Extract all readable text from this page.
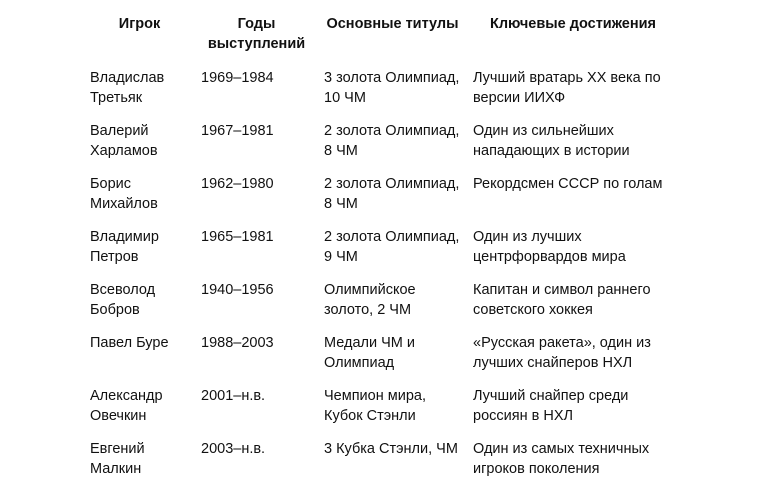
Игрок	Годы выступлений	Основные титулы	Ключевые достижения
Владислав Третьяк	1969–1984	3 золота Олимпиад, 10 ЧМ	Лучший вратарь XX века по версии ИИХФ
Валерий Харламов	1967–1981	2 золота Олимпиад, 8 ЧМ	Один из сильнейших нападающих в истории
Борис Михайлов	1962–1980	2 золота Олимпиад, 8 ЧМ	Рекордсмен СССР по голам
Владимир Петров	1965–1981	2 золота Олимпиад, 9 ЧМ	Один из лучших центрфорвардов мира
Всеволод Бобров	1940–1956	Олимпийское золото, 2 ЧМ	Капитан и символ раннего советского хоккея
Павел Буре	1988–2003	Медали ЧМ и Олимпиад	«Русская ракета», один из лучших снайперов НХЛ
Александр Овечкин	2001–н.в.	Чемпион мира, Кубок Стэнли	Лучший снайпер среди россиян в НХЛ
Евгений Малкин	2003–н.в.	3 Кубка Стэнли, ЧМ	Один из самых техничных игроков поколения
